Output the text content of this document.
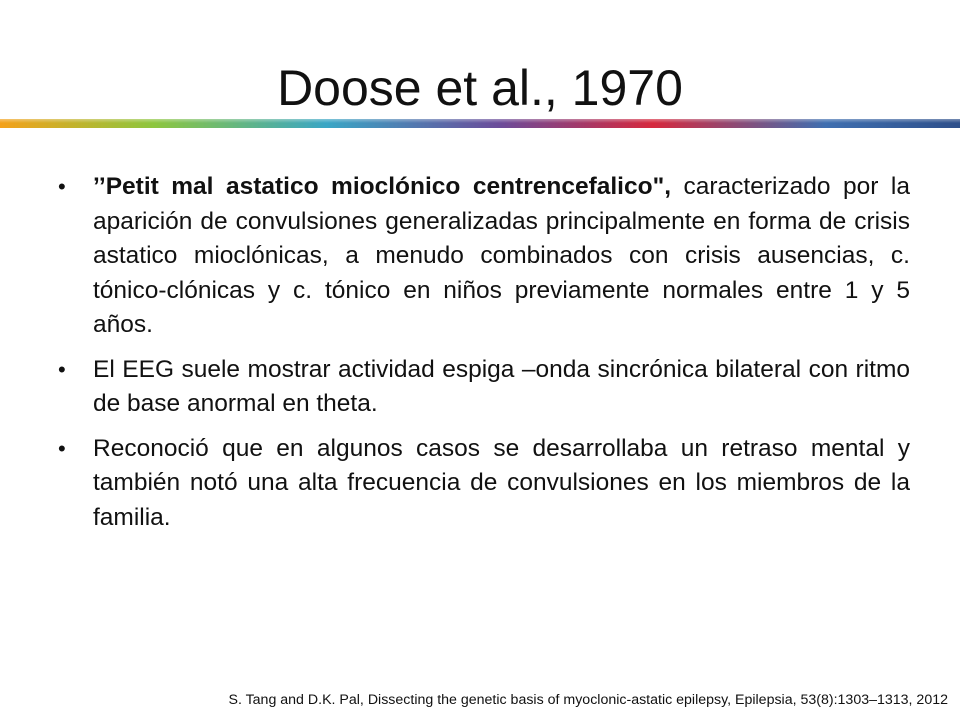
Doose et al., 1970
• ’’Petit mal astatico mioclónico centrencefalico", caracterizado por la aparición de convulsiones generalizadas principalmente en forma de crisis astatico mioclónicas, a menudo combinados con crisis ausencias, c. tónico-clónicas y c. tónico en niños previamente normales entre 1 y 5 años.
• El EEG suele mostrar actividad espiga –onda sincrónica bilateral con ritmo de base anormal en theta.
• Reconoció que en algunos casos se desarrollaba un retraso mental y también notó una alta frecuencia de convulsiones en los miembros de la familia.
S. Tang and D.K. Pal, Dissecting the genetic basis of myoclonic-astatic epilepsy, Epilepsia, 53(8):1303–1313, 2012
